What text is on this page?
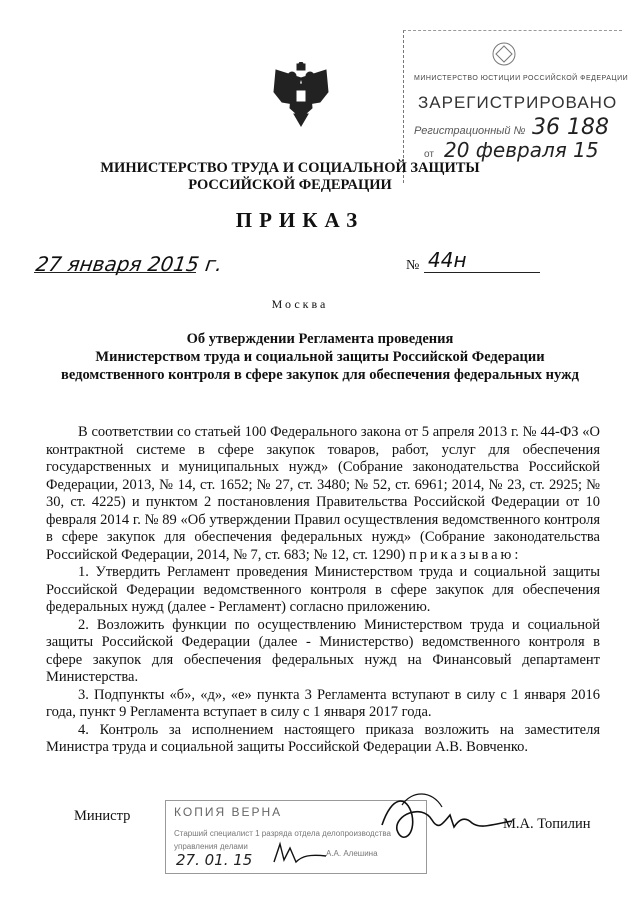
МИНИСТЕРСТВО ЮСТИЦИИ РОССИЙСКОЙ ФЕДЕРАЦИИ
ЗАРЕГИСТРИРОВАНО
Регистрационный № 36 188
от 20 февраля 15
МИНИСТЕРСТВО ТРУДА И СОЦИАЛЬНОЙ ЗАЩИТЫ
РОССИЙСКОЙ ФЕДЕРАЦИИ
ПРИКАЗ
27 января 2015 г.	№ 44н
Москва
Об утверждении Регламента проведения
Министерством труда и социальной защиты Российской Федерации
ведомственного контроля в сфере закупок для обеспечения федеральных нужд

В соответствии со статьей 100 Федерального закона от 5 апреля 2013 г. № 44-ФЗ «О контрактной системе в сфере закупок товаров, работ, услуг для обеспечения государственных и муниципальных нужд» (Собрание законодательства Российской Федерации, 2013, № 14, ст. 1652; № 27, ст. 3480; № 52, ст. 6961; 2014, № 23, ст. 2925; № 30, ст. 4225) и пунктом 2 постановления Правительства Российской Федерации от 10 февраля 2014 г. № 89 «Об утверждении Правил осуществления ведомственного контроля в сфере закупок для обеспечения федеральных нужд» (Собрание законодательства Российской Федерации, 2014, № 7, ст. 683; № 12, ст. 1290) приказываю:

1. Утвердить Регламент проведения Министерством труда и социальной защиты Российской Федерации ведомственного контроля в сфере закупок для обеспечения федеральных нужд (далее - Регламент) согласно приложению.

2. Возложить функции по осуществлению Министерством труда и социальной защиты Российской Федерации (далее - Министерство) ведомственного контроля в сфере закупок для обеспечения федеральных нужд на Финансовый департамент Министерства.

3. Подпункты «б», «д», «е» пункта 3 Регламента вступают в силу с 1 января 2016 года, пункт 9 Регламента вступает в силу с 1 января 2017 года.

4. Контроль за исполнением настоящего приказа возложить на заместителя Министра труда и социальной защиты Российской Федерации А.В. Вовченко.

Министр	КОПИЯ ВЕРНА
Старший специалист 1 разряда отдела делопроизводства
управления делами
27. 01. 15	А.А. Алешина
М.А. Топилин
